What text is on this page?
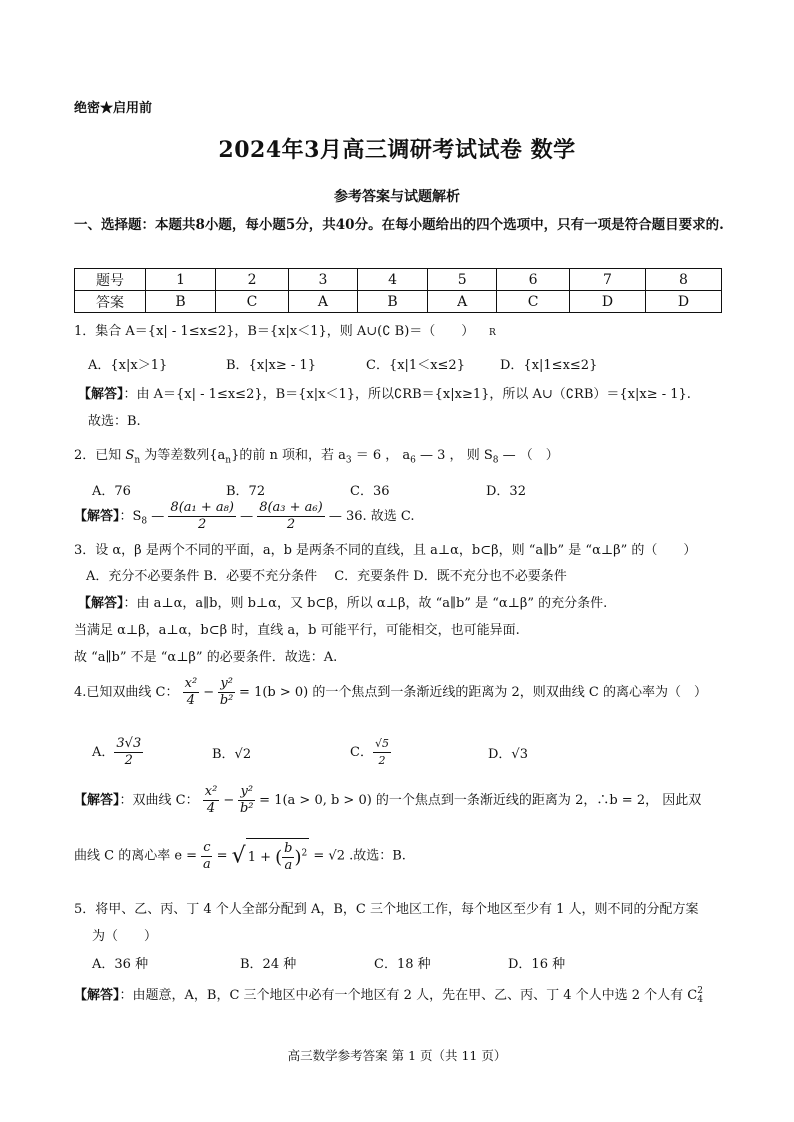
绝密★启用前
2024年3月高三调研考试试卷 数学
参考答案与试题解析
一、选择题：本题共8小题，每小题5分，共40分。在每小题给出的四个选项中，只有一项是符合题目要求的.
题号	1	2	3	4	5	6	7	8
答案	B	C	A	B	A	C	D	D
1．集合 A＝{x| - 1≤x≤2}，B＝{x|x＜1}，则 A∪(∁ B)＝（　　） R
A．{x|x＞1}	B．{x|x≥ - 1}	C．{x|1＜x≤2}	D．{x|1≤x≤2}
【解答】：由 A＝{x| - 1≤x≤2}，B＝{x|x＜1}，所以∁RB＝{x|x≥1}，所以 A∪（∁RB）＝{x|x≥ - 1}.
故选：B.
2．已知 $S_n$ 为等差数列$\{a_n\}$的前 n 项和，若 $a_3 = 6$ ， $a_6$ — 3 ， 则 $S_8$ — （　）
A．76	B．72	C．36	D．32
【解答】：$S_8$ — $\frac{\text{8(a₁ + a₈)}}{2}$ — $\frac{\text{8(a₃ + a₆)}}{2}$ — 36. 故选 C.
3．设 α，β 是两个不同的平面，a，b 是两条不同的直线，且 a⊥α，b⊂β，则 “a∥b” 是 “α⊥β” 的（　　）
A．充分不必要条件 B．必要不充分条件　 C．充要条件 D．既不充分也不必要条件
【解答】：由 a⊥α，a∥b，则 b⊥α，又 b⊂β，所以 α⊥β，故 “a∥b” 是 “α⊥β” 的充分条件.
当满足 α⊥β，a⊥α，b⊂β 时，直线 a，b 可能平行，可能相交，也可能异面.
故 “a∥b” 不是 “α⊥β” 的必要条件．故选：A.
4.已知双曲线 C： $\frac{\text{x²}}{4} - \frac{\text{y²}}{\text{b²}} = 1(b > 0)$ 的一个焦点到一条渐近线的距离为 2，则双曲线 C 的离心率为（　）
A． $\frac{3√3}{2}$	B．√2	C． $\frac{√5}{2}$	D．√3
【解答】：双曲线 C： $\frac{\text{x²}}{4} - \frac{\text{y²}}{\text{b²}} = 1(a > 0$, b > 0) 的一个焦点到一条渐近线的距离为 2，∴b = 2， 因此双
曲线 C 的离心率 $e = \frac{c}{a}$ = √ 1 + ( $\frac{b}{a} )^2 = √2$ .故选：B.
5．将甲、乙、丙、丁 4 个人全部分配到 A，B，C 三个地区工作，每个地区至少有 1 人，则不同的分配方案
为（　　）
A．36 种	B．24 种	C．18 种	D．16 种
【解答】：由题意，A，B，C 三个地区中必有一个地区有 2 人，先在甲、乙、丙、丁 4 个人中选 2 个人有 C 2
4
高三数学参考答案 第 1 页（共 11 页）
